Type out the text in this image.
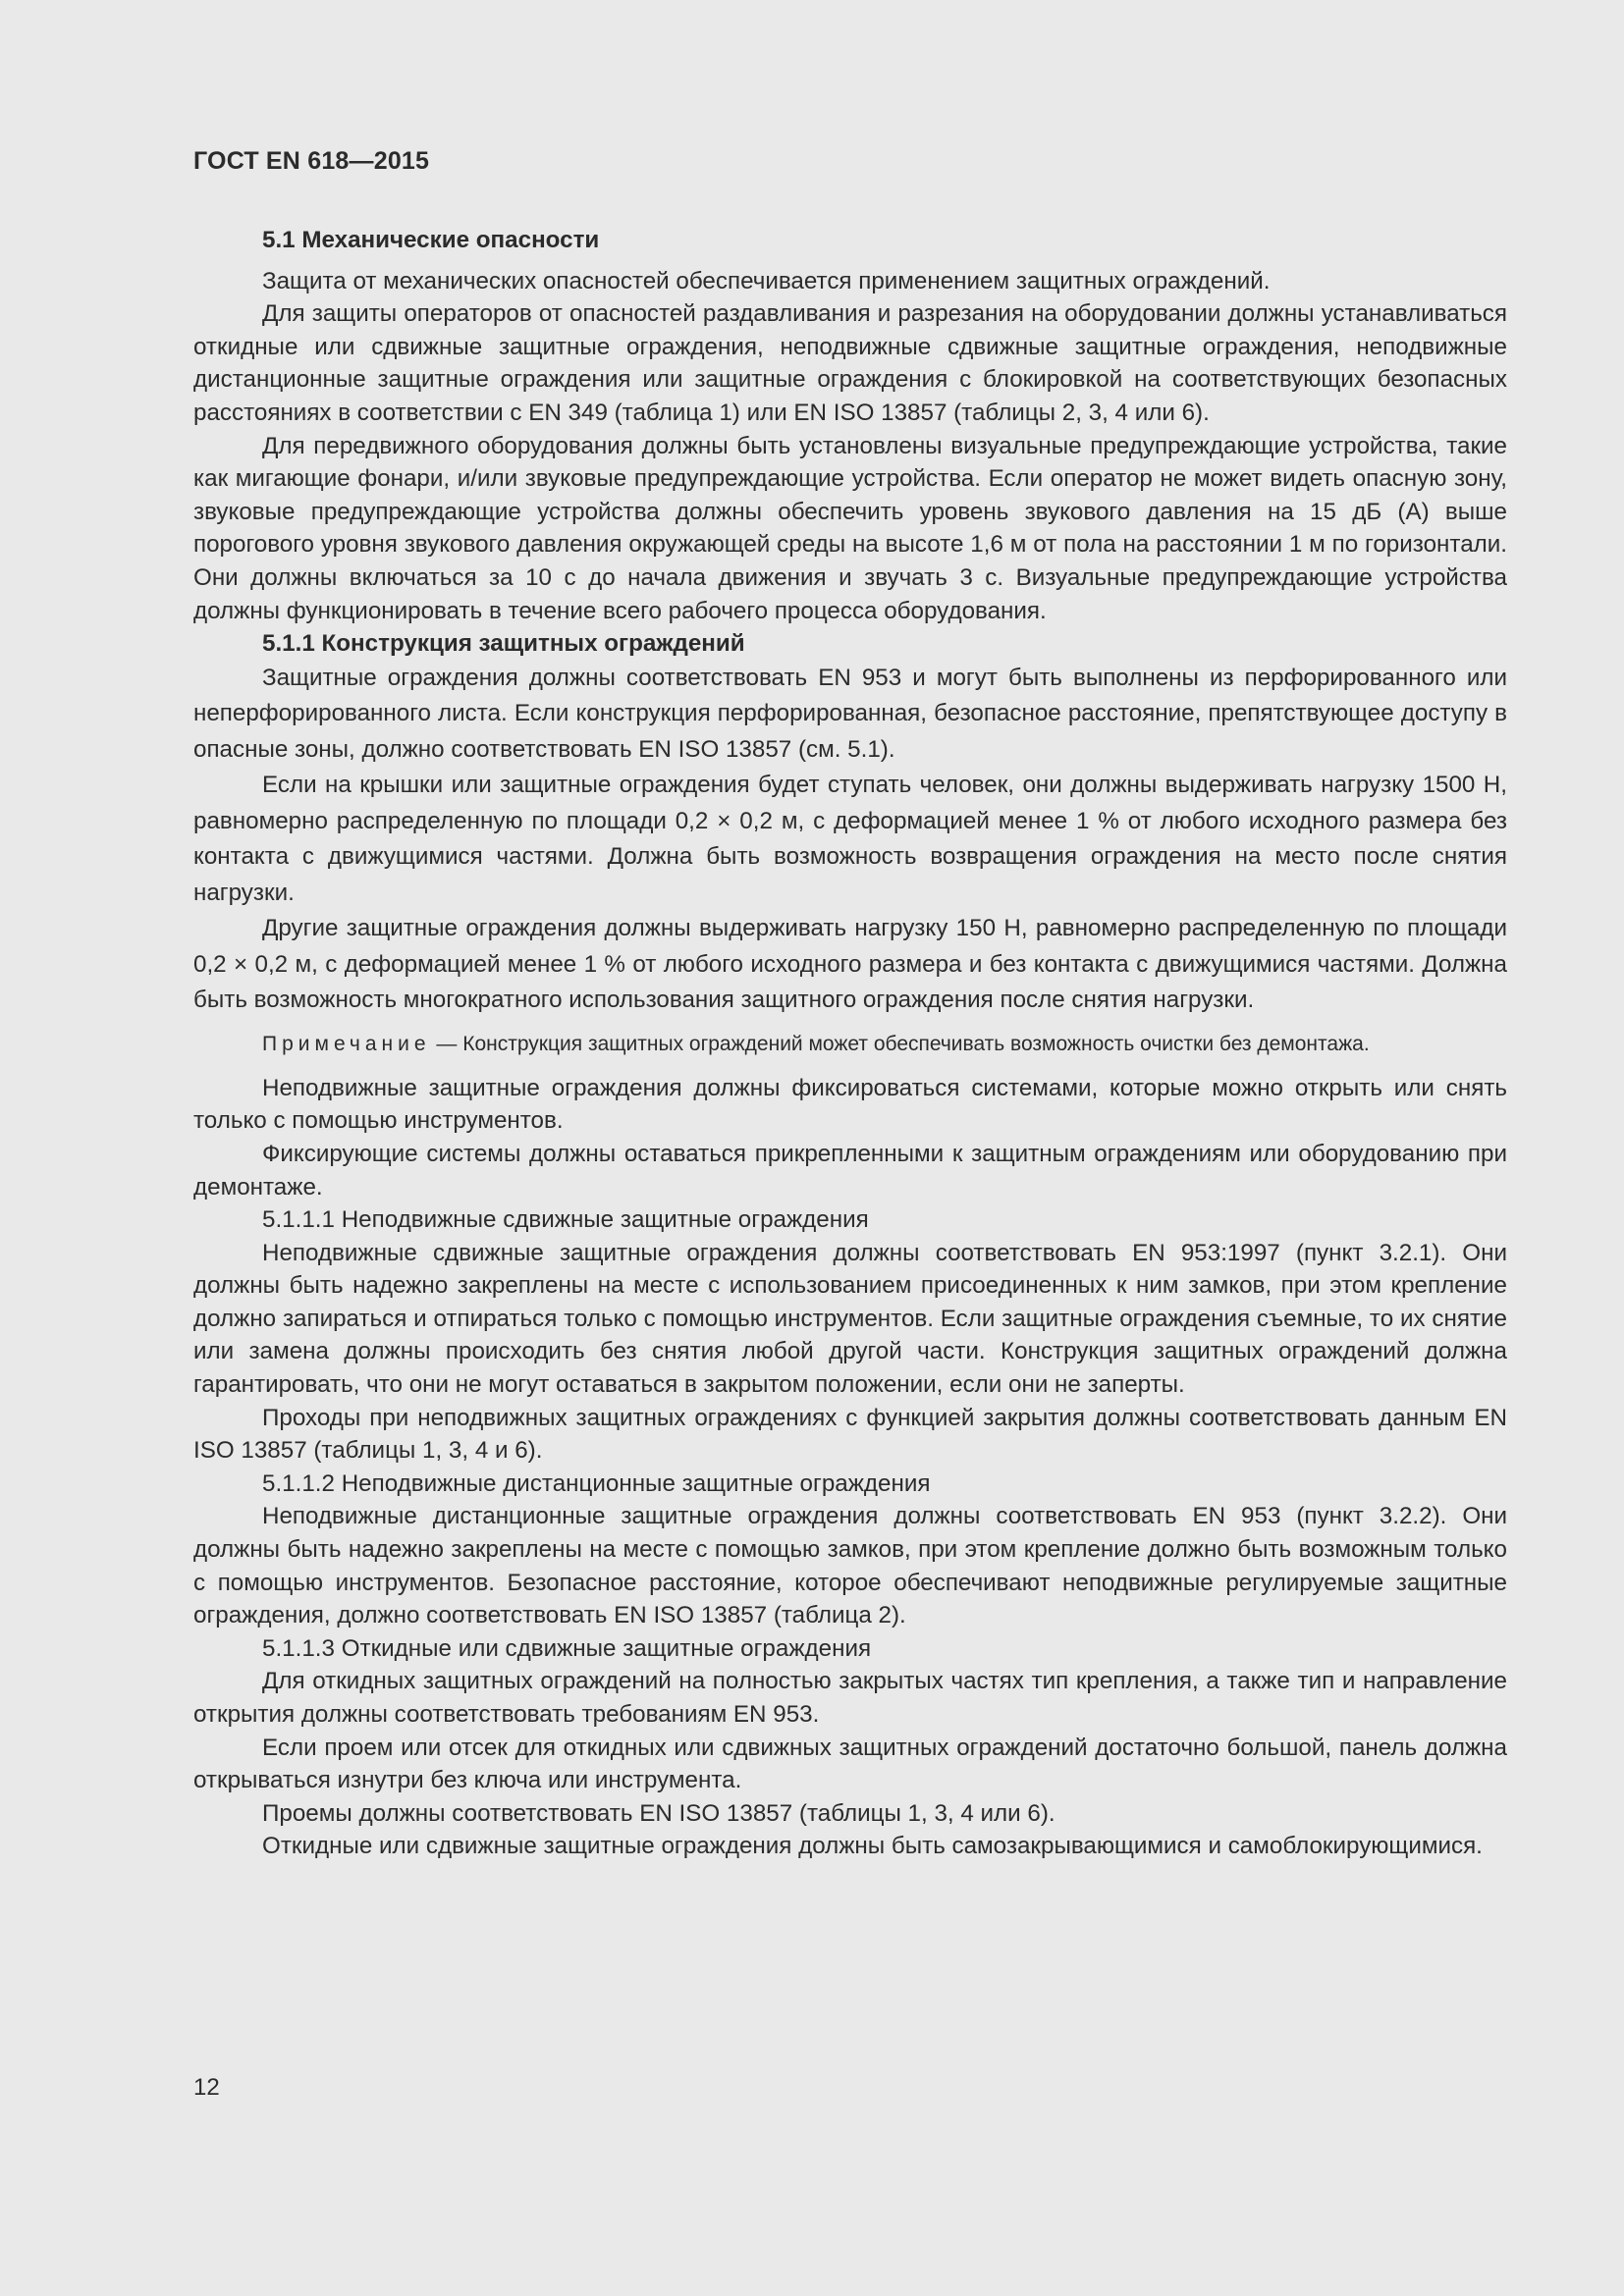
ГОСТ EN 618—2015
5.1 Механические опасности

Защита от механических опасностей обеспечивается применением защитных ограждений.

Для защиты операторов от опасностей раздавливания и разрезания на оборудовании должны устанавливаться откидные или сдвижные защитные ограждения, неподвижные сдвижные защитные ограждения, неподвижные дистанционные защитные ограждения или защитные ограждения с блокировкой на соответствующих безопасных расстояниях в соответствии с EN 349 (таблица 1) или EN ISO 13857 (таблицы 2, 3, 4 или 6).

Для передвижного оборудования должны быть установлены визуальные предупреждающие устройства, такие как мигающие фонари, и/или звуковые предупреждающие устройства. Если оператор не может видеть опасную зону, звуковые предупреждающие устройства должны обеспечить уровень звукового давления на 15 дБ (А) выше порогового уровня звукового давления окружающей среды на высоте 1,6 м от пола на расстоянии 1 м по горизонтали. Они должны включаться за 10 с до начала движения и звучать 3 с. Визуальные предупреждающие устройства должны функционировать в течение всего рабочего процесса оборудования.

5.1.1 Конструкция защитных ограждений

Защитные ограждения должны соответствовать EN 953 и могут быть выполнены из перфорированного или неперфорированного листа. Если конструкция перфорированная, безопасное расстояние, препятствующее доступу в опасные зоны, должно соответствовать EN ISO 13857 (см. 5.1).

Если на крышки или защитные ограждения будет ступать человек, они должны выдерживать нагрузку 1500 Н, равномерно распределенную по площади 0,2 × 0,2 м, с деформацией менее 1 % от любого исходного размера без контакта с движущимися частями. Должна быть возможность возвращения ограждения на место после снятия нагрузки.

Другие защитные ограждения должны выдерживать нагрузку 150 Н, равномерно распределенную по площади 0,2 × 0,2 м, с деформацией менее 1 % от любого исходного размера и без контакта с движущимися частями. Должна быть возможность многократного использования защитного ограждения после снятия нагрузки.

Примечание — Конструкция защитных ограждений может обеспечивать возможность очистки без демонтажа.

Неподвижные защитные ограждения должны фиксироваться системами, которые можно открыть или снять только с помощью инструментов.

Фиксирующие системы должны оставаться прикрепленными к защитным ограждениям или оборудованию при демонтаже.

5.1.1.1 Неподвижные сдвижные защитные ограждения

Неподвижные сдвижные защитные ограждения должны соответствовать EN 953:1997 (пункт 3.2.1). Они должны быть надежно закреплены на месте с использованием присоединенных к ним замков, при этом крепление должно запираться и отпираться только с помощью инструментов. Если защитные ограждения съемные, то их снятие или замена должны происходить без снятия любой другой части. Конструкция защитных ограждений должна гарантировать, что они не могут оставаться в закрытом положении, если они не заперты.

Проходы при неподвижных защитных ограждениях с функцией закрытия должны соответствовать данным EN ISO 13857 (таблицы 1, 3, 4 и 6).

5.1.1.2 Неподвижные дистанционные защитные ограждения

Неподвижные дистанционные защитные ограждения должны соответствовать EN 953 (пункт 3.2.2). Они должны быть надежно закреплены на месте с помощью замков, при этом крепление должно быть возможным только с помощью инструментов. Безопасное расстояние, которое обеспечивают неподвижные регулируемые защитные ограждения, должно соответствовать EN ISO 13857 (таблица 2).

5.1.1.3 Откидные или сдвижные защитные ограждения

Для откидных защитных ограждений на полностью закрытых частях тип крепления, а также тип и направление открытия должны соответствовать требованиям EN 953.

Если проем или отсек для откидных или сдвижных защитных ограждений достаточно большой, панель должна открываться изнутри без ключа или инструмента.

Проемы должны соответствовать EN ISO 13857 (таблицы 1, 3, 4 или 6).

Откидные или сдвижные защитные ограждения должны быть самозакрывающимися и самоблокирующимися.

12
